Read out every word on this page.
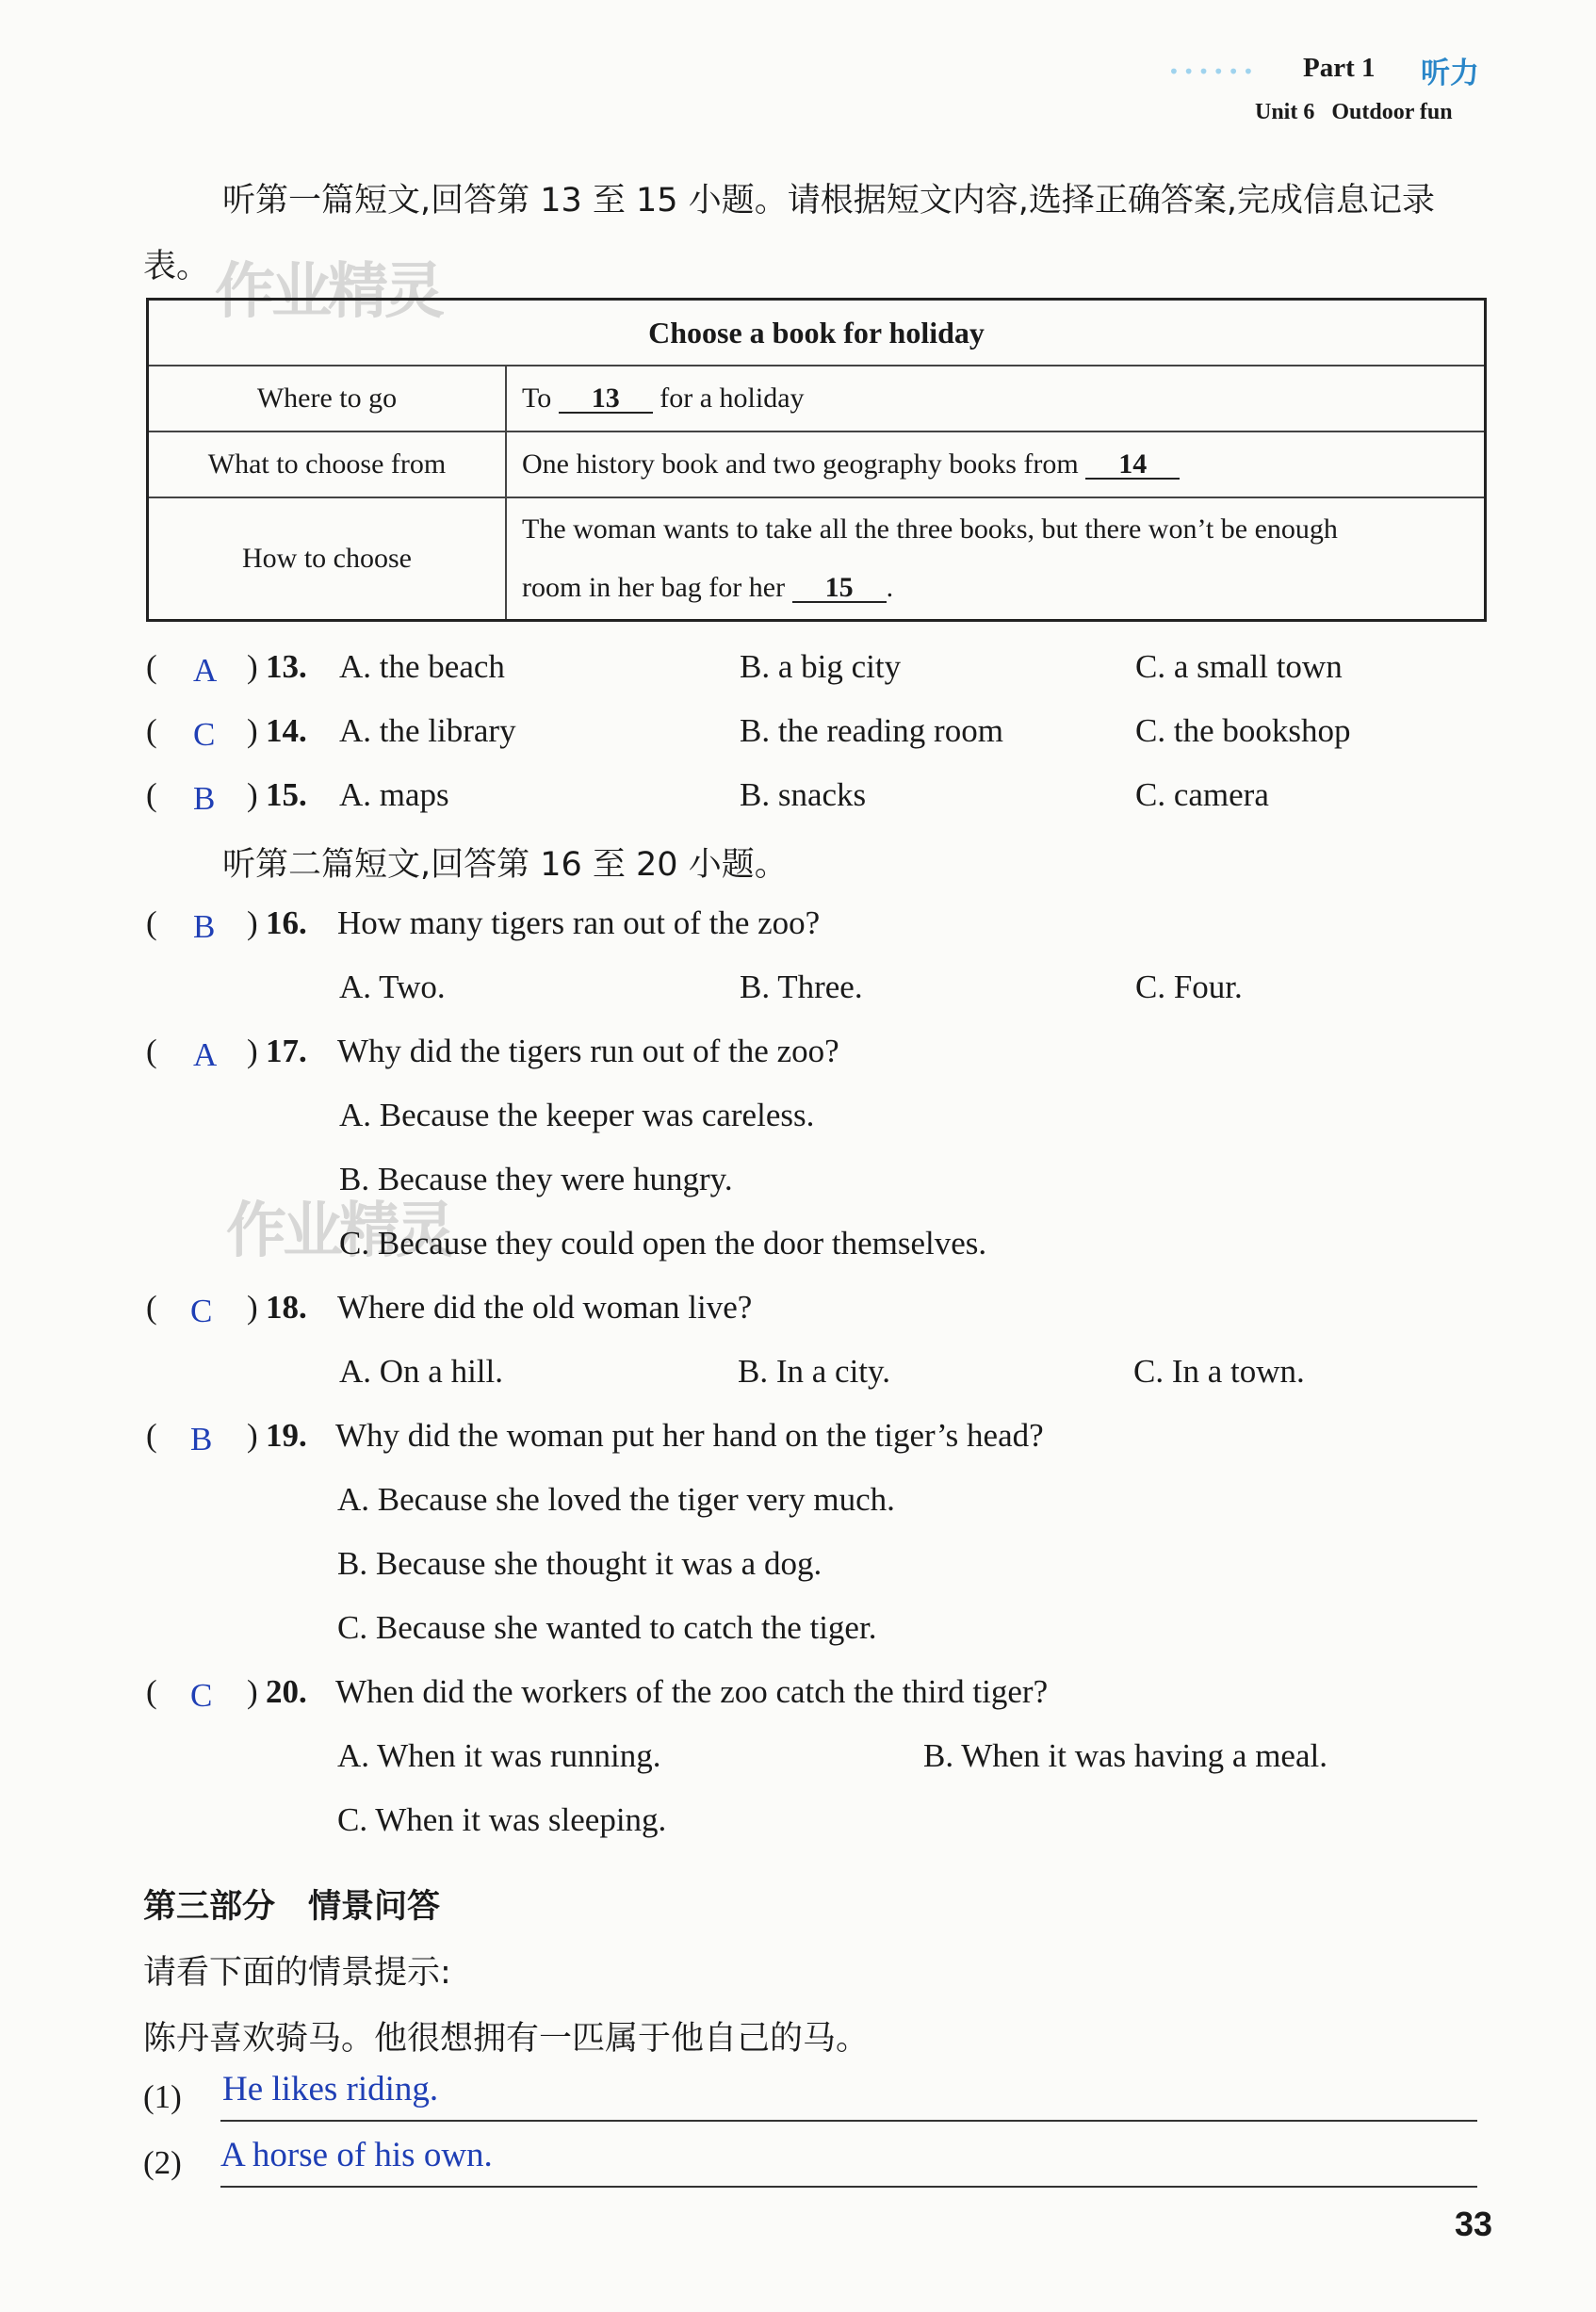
•••••• Part 1 听力
Unit 6 Outdoor fun
听第一篇短文,回答第 13 至 15 小题。请根据短文内容,选择正确答案,完成信息记录表。 作业精灵
作业精灵
Choose a book for holiday	
Where to go	To 13 for a holiday
What to choose from	One history book and two geography books from 14
How to choose	The woman wants to take all the three books, but there won’t be enough
room in her bag for her 15 .
( A ) 13. A. the beach	B. a big city	C. a small town
( C ) 14. A. the library	B. the reading room	C. the bookshop
( B ) 15. A. maps	B. snacks	C. camera
听第二篇短文,回答第 16 至 20 小题。
( B ) 16. How many tigers ran out of the zoo?
A. Two.	B. Three.	C. Four.
( A ) 17. Why did the tigers run out of the zoo?
A. Because the keeper was careless.
B. Because they were hungry.
C. Because they could open the door themselves.
( C ) 18. Where did the old woman live?
A. On a hill.	B. In a city.	C. In a town.
( B ) 19. Why did the woman put her hand on the tiger’s head?
A. Because she loved the tiger very much.
B. Because she thought it was a dog.
C. Because she wanted to catch the tiger.
( C ) 20. When did the workers of the zoo catch the third tiger?
A. When it was running.	B. When it was having a meal.
C. When it was sleeping.
第三部分　情景问答
请看下面的情景提示:
陈丹喜欢骑马。他很想拥有一匹属于他自己的马。
(1) He likes riding.
(2) A horse of his own.
33
